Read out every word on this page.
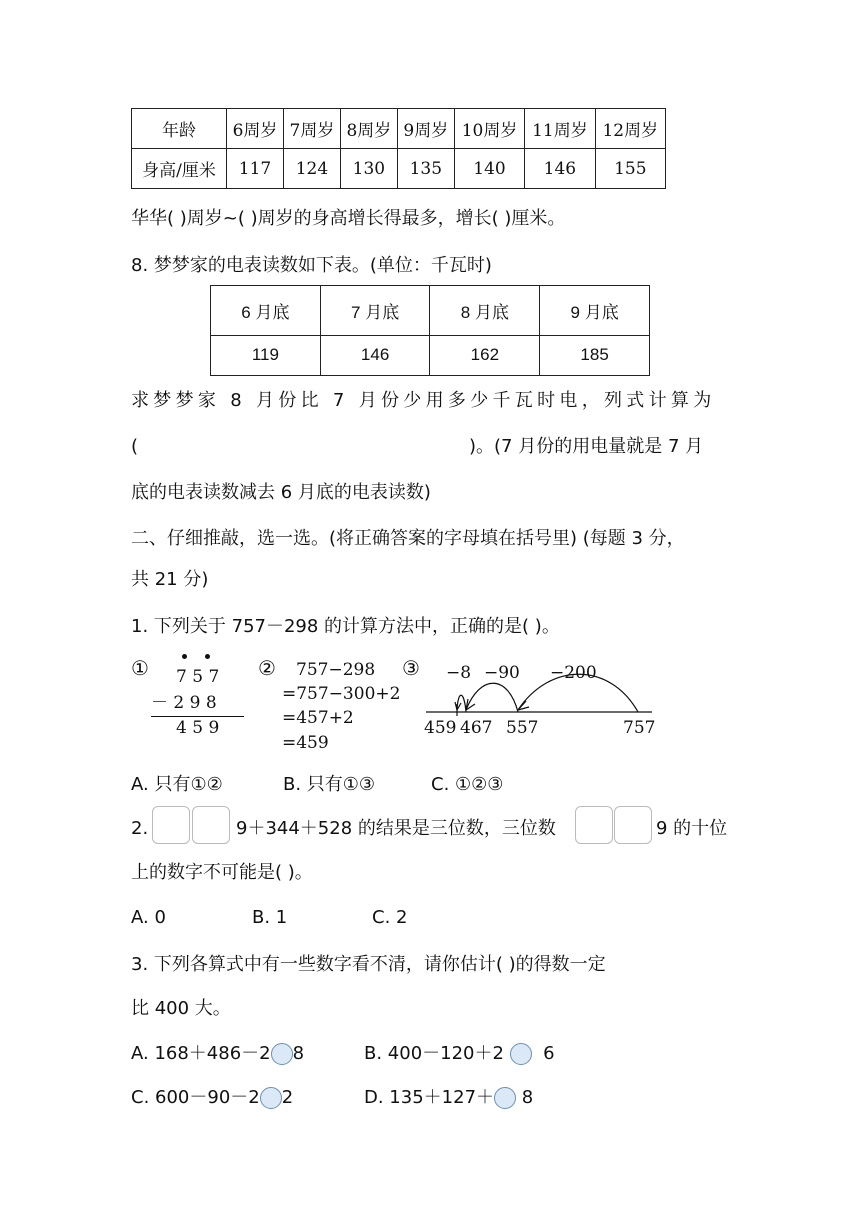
年龄	6周岁	7周岁	8周岁	9周岁	10周岁	11周岁	12周岁
身高/厘米	117	124	130	135	140	146	155
华华( )周岁~( )周岁的身高增长得最多，增长( )厘米。
8. 梦梦家的电表读数如下表。(单位：千瓦时)
6 月底	7 月底	8 月底	9 月底
119	146	162	185
求梦梦家 8 月份比 7 月份少用多少千瓦时电，列式计算为
(	)。(7 月份的用电量就是 7 月
底的电表读数减去 6 月底的电表读数)
二、仔细推敲，选一选。(将正确答案的字母填在括号里) (每题 3 分，
共 21 分)
1. 下列关于 757－298 的计算方法中，正确的是( )。
① 7 5 7
－ 2 9 8
4 5 9
② 757−298
=757−300+2
=457+2
=459
③ −8 −90 −200
459 467 557	757
A. 只有①②	B. 只有①③	C. ①②③
2.	9＋344＋528 的结果是三位数，三位数	9 的十位
上的数字不可能是( )。
A. 0	B. 1	C. 2
3. 下列各算式中有一些数字看不清，请你估计( )的得数一定
比 400 大。
A. 168＋486－2 8	B. 400－120＋2 6
C. 600－90－2 2	D. 135＋127＋ 8
